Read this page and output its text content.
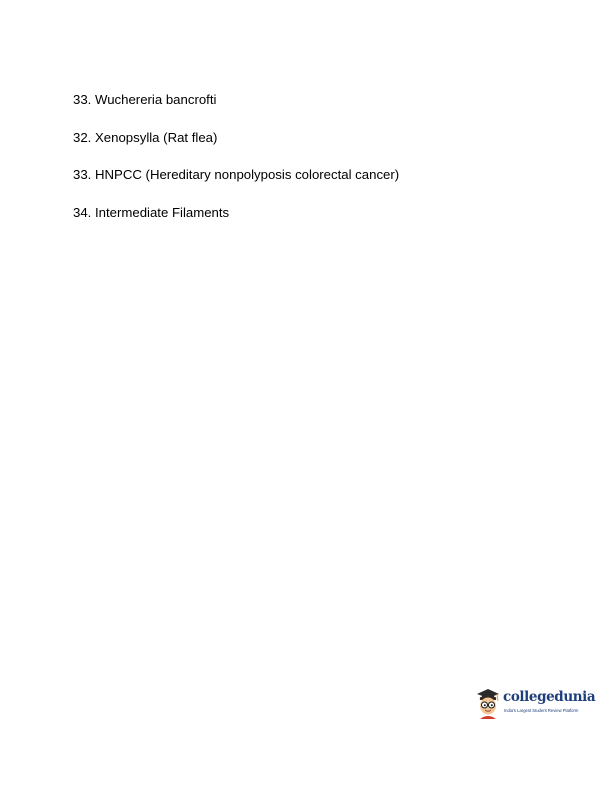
33. Wuchereria bancrofti
32. Xenopsylla (Rat flea)
33. HNPCC (Hereditary nonpolyposis colorectal cancer)
34. Intermediate Filaments
collegedunia
India's Largest Student Review Platform
